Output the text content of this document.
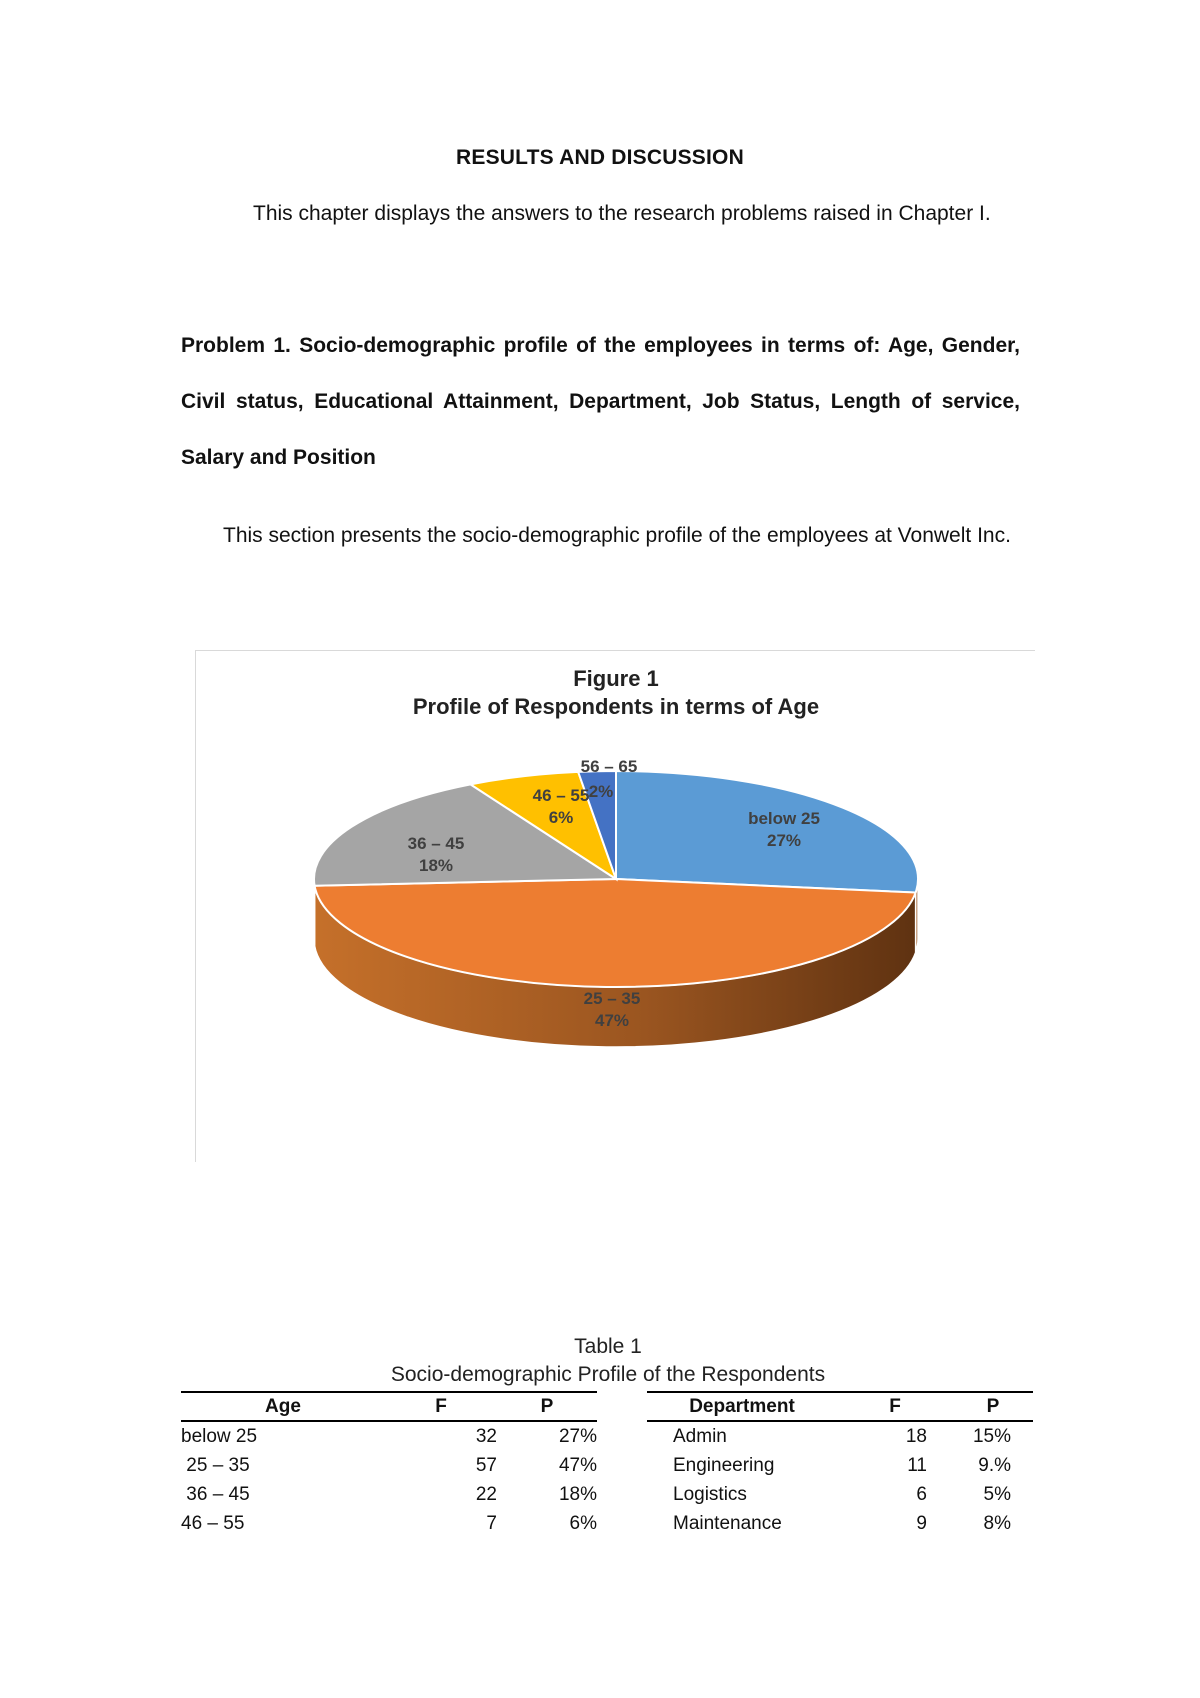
RESULTS AND DISCUSSION

This chapter displays the answers to the research problems raised in Chapter I.

Problem 1. Socio-demographic profile of the employees in terms of: Age, Gender, Civil status, Educational Attainment, Department, Job Status, Length of service, Salary and Position

This section presents the socio-demographic profile of the employees at Vonwelt Inc.

Figure 1
Profile of Respondents in terms of Age
below 25
27%
25 – 35
47%
36 – 45
18%
46 – 55
6%
56 – 65
2%
Table 1
Socio-demographic Profile of the Respondents
Age	F	P
below 25	32	27%
25 – 35	57	47%
36 – 45	22	18%
46 – 55	7	6%
Department	F	P
Admin	18	15%
Engineering	11	9.%
Logistics	6	5%
Maintenance	9	8%
